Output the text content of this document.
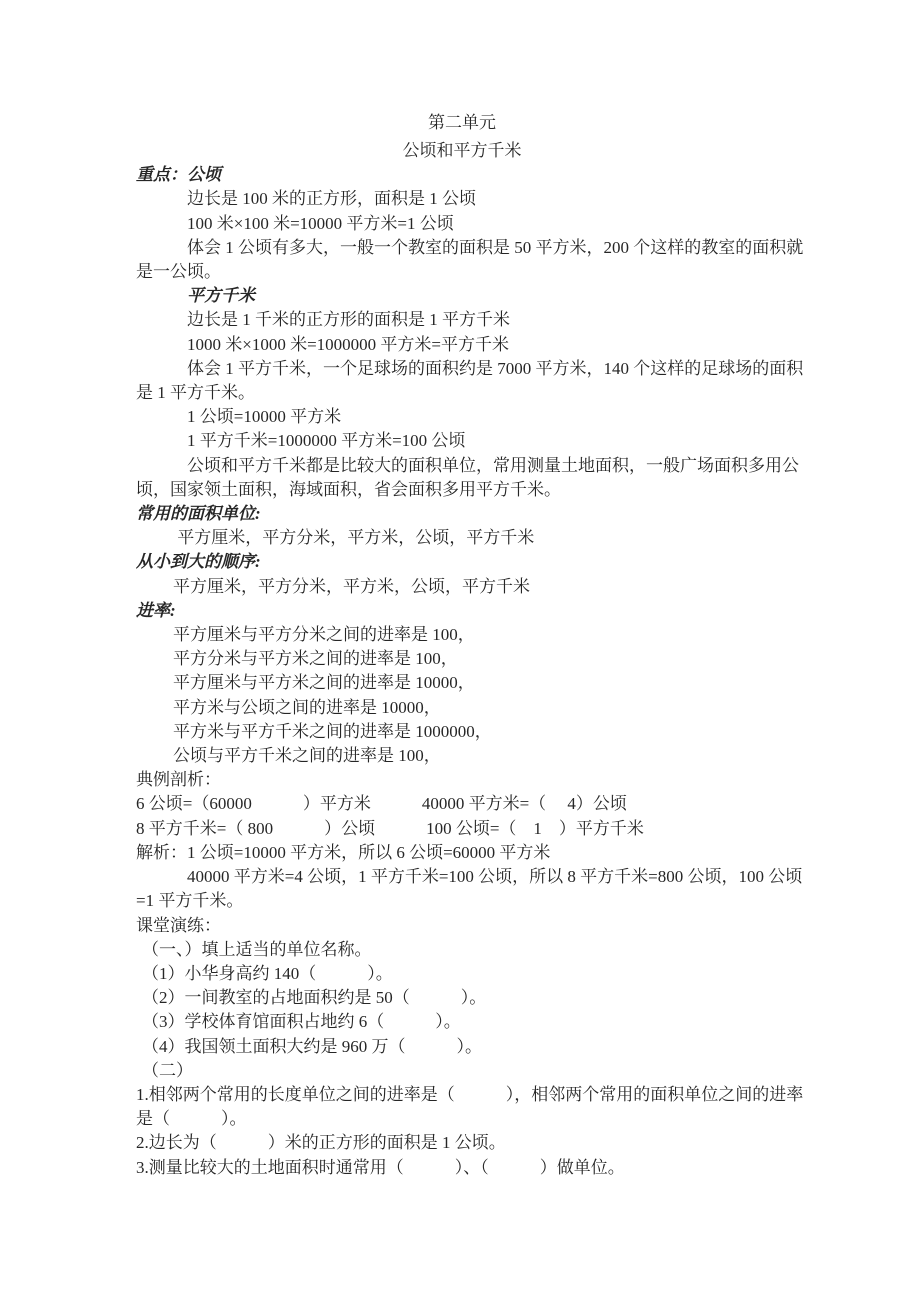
第二单元
公顷和平方千米
重点：公顷
边长是 100 米的正方形，面积是 1 公顷
100 米×100 米=10000 平方米=1 公顷
体会 1 公顷有多大，一般一个教室的面积是 50 平方米，200 个这样的教室的面积就
是一公顷。
平方千米
边长是 1 千米的正方形的面积是 1 平方千米
1000 米×1000 米=1000000 平方米=平方千米
体会 1 平方千米，一个足球场的面积约是 7000 平方米，140 个这样的足球场的面积
是 1 平方千米。
1 公顷=10000 平方米
1 平方千米=1000000 平方米=100 公顷
公顷和平方千米都是比较大的面积单位，常用测量土地面积，一般广场面积多用公
顷，国家领土面积，海域面积，省会面积多用平方千米。
常用的面积单位:
平方厘米，平方分米，平方米，公顷，平方千米
从小到大的顺序:
平方厘米，平方分米，平方米，公顷，平方千米
进率:
平方厘米与平方分米之间的进率是 100，
平方分米与平方米之间的进率是 100，
平方厘米与平方米之间的进率是 10000，
平方米与公顷之间的进率是 10000，
平方米与平方千米之间的进率是 1000000，
公顷与平方千米之间的进率是 100，
典例剖析：
6 公顷=（60000　　　）平方米　　　40000 平方米=（　 4）公顷
8 平方千米=（ 800　　　）公顷　　　100 公顷=（　1　）平方千米
解析：1 公顷=10000 平方米，所以 6 公顷=60000 平方米
40000 平方米=4 公顷，1 平方千米=100 公顷，所以 8 平方千米=800 公顷，100 公顷
=1 平方千米。
课堂演练：
（一、）填上适当的单位名称。
（1）小华身高约 140（　　　）。
（2）一间教室的占地面积约是 50（　　　）。
（3）学校体育馆面积占地约 6（　　　）。
（4）我国领土面积大约是 960 万（　　　）。
（二）
1.相邻两个常用的长度单位之间的进率是（　　　），相邻两个常用的面积单位之间的进率
是（　　　）。
2.边长为（　　　）米的正方形的面积是 1 公顷。
3.测量比较大的土地面积时通常用（　　　）、（　　　）做单位。
